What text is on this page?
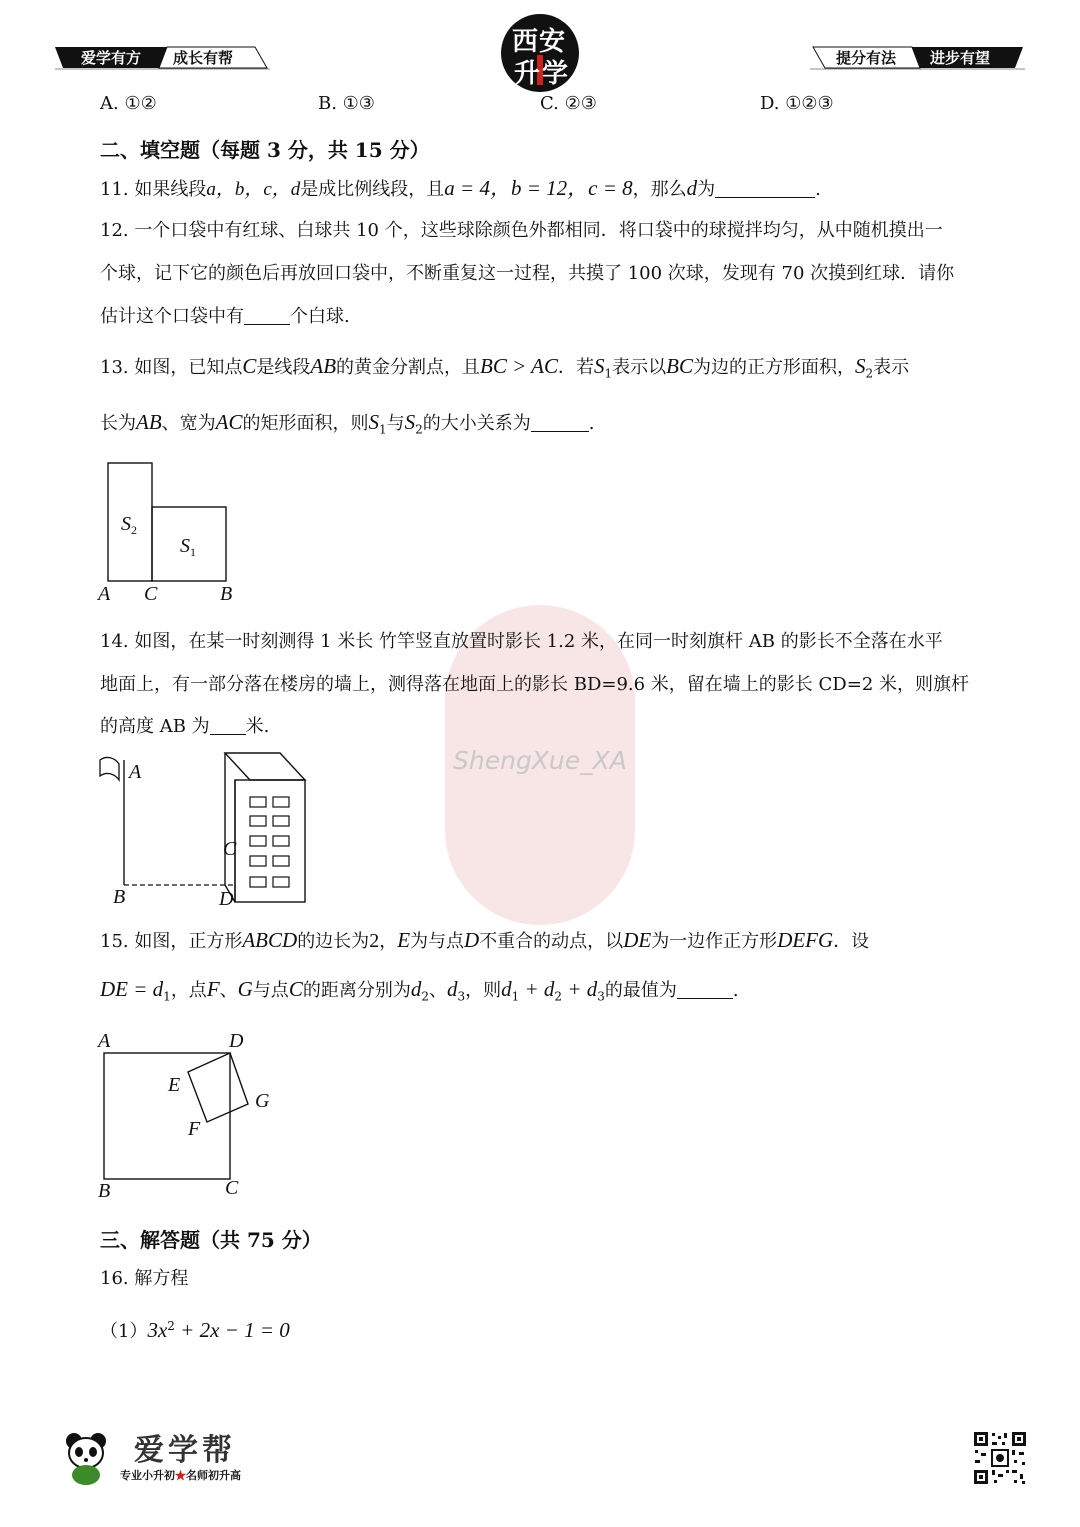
爱学有方 成长有帮
西安
升学
提分有法 进步有望
A. ①②	B. ①③	C. ②③	D. ①②③
二、填空题（每题 3 分，共 15 分）
11. 如果线段a，b，c，d是成比例线段，且a = 4，b = 12，c = 8，那么d为	.
12. 一个口袋中有红球、白球共 10 个，这些球除颜色外都相同．将口袋中的球搅拌均匀，从中随机摸出一
个球，记下它的颜色后再放回口袋中，不断重复这一过程，共摸了 100 次球，发现有 70 次摸到红球．请你
估计这个口袋中有	个白球.
13. 如图，已知点C是线段AB的黄金分割点，且BC > AC．若$S_1$表示以BC为边的正方形面积，$S_2$表示
长为AB、宽为AC的矩形面积，则$S_1$与$S_2$的大小关系为	.
$S_2$
$S_1$
A C	B
ShengXue_XA
14. 如图，在某一时刻测得 1 米长 竹竿竖直放置时影长 1.2 米，在同一时刻旗杆 AB 的影长不全落在水平
地面上，有一部分落在楼房的墙上，测得落在地面上的影长 BD=9.6 米，留在墙上的影长 CD=2 米，则旗杆
的高度 AB 为 米.
A
B
C
D
15. 如图，正方形ABCD的边长为2，E为与点D不重合的动点，以DE为一边作正方形DEFG．设
DE = $d_1$，点F、G与点C的距离分别为$d_2$、$d_3$，则$d_1 + d_2 + d_3$的最值为	.
A	D
E
G
F
B	C
三、解答题（共 75 分）
16. 解方程
$(1)3x^2 + 2x - 1 = 0$
爱学帮
专业小升初★名师初升高
